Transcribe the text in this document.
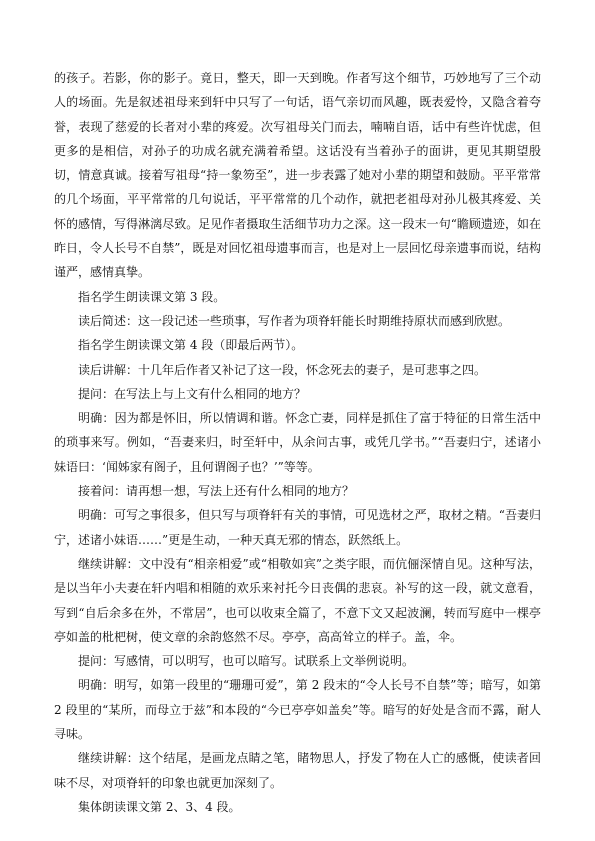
的孩子。若影，你的影子。竟日，整天，即一天到晚。作者写这个细节，巧妙地写了三个动人的场面。先是叙述祖母来到轩中只写了一句话，语气亲切而风趣，既表爱怜，又隐含着夸誉，表现了慈爱的长者对小辈的疼爱。次写祖母关门而去，喃喃自语，话中有些许忧虑，但更多的是相信，对孙子的功成名就充满着希望。这话没有当着孙子的面讲，更见其期望殷切，情意真诚。接着写祖母“持一象笏至”，进一步表露了她对小辈的期望和鼓励。平平常常的几个场面，平平常常的几句说话，平平常常的几个动作，就把老祖母对孙儿极其疼爱、关怀的感情，写得淋漓尽致。足见作者摄取生活细节功力之深。这一段末一句“瞻顾遗迹，如在昨日，令人长号不自禁”，既是对回忆祖母遗事而言，也是对上一层回忆母亲遗事而说，结构谨严，感情真挚。

指名学生朗读课文第 3 段。

读后简述：这一段记述一些琐事，写作者为项脊轩能长时期维持原状而感到欣慰。

指名学生朗读课文第 4 段（即最后两节）。

读后讲解：十几年后作者又补记了这一段，怀念死去的妻子，是可悲事之四。

提问：在写法上与上文有什么相同的地方？

明确：因为都是怀旧，所以情调和谐。怀念亡妻，同样是抓住了富于特征的日常生活中的琐事来写。例如，“吾妻来归，时至轩中，从余问古事，或凭几学书。”“吾妻归宁，述诸小妹语曰：‘闻姊家有阁子，且何谓阁子也？’”等等。

接着问：请再想一想，写法上还有什么相同的地方？

明确：可写之事很多，但只写与项脊轩有关的事情，可见选材之严，取材之精。“吾妻归宁，述诸小妹语……”更是生动，一种天真无邪的情态，跃然纸上。

继续讲解：文中没有“相亲相爱”或“相敬如宾”之类字眼，而伉俪深情自见。这种写法，是以当年小夫妻在轩内唱和相随的欢乐来衬托今日丧偶的悲哀。补写的这一段，就文意看，写到“自后余多在外，不常居”，也可以收束全篇了，不意下文又起波澜，转而写庭中一棵亭亭如盖的枇杷树，使文章的余韵悠然不尽。亭亭，高高耸立的样子。盖，伞。

提问：写感情，可以明写，也可以暗写。试联系上文举例说明。

明确：明写，如第一段里的“珊珊可爱”，第 2 段末的“令人长号不自禁”等；暗写，如第 2 段里的“某所，而母立于兹”和本段的“今已亭亭如盖矣”等。暗写的好处是含而不露，耐人寻味。

继续讲解：这个结尾，是画龙点睛之笔，睹物思人，抒发了物在人亡的感慨，使读者回味不尽，对项脊轩的印象也就更加深刻了。

集体朗读课文第 2、3、4 段。
